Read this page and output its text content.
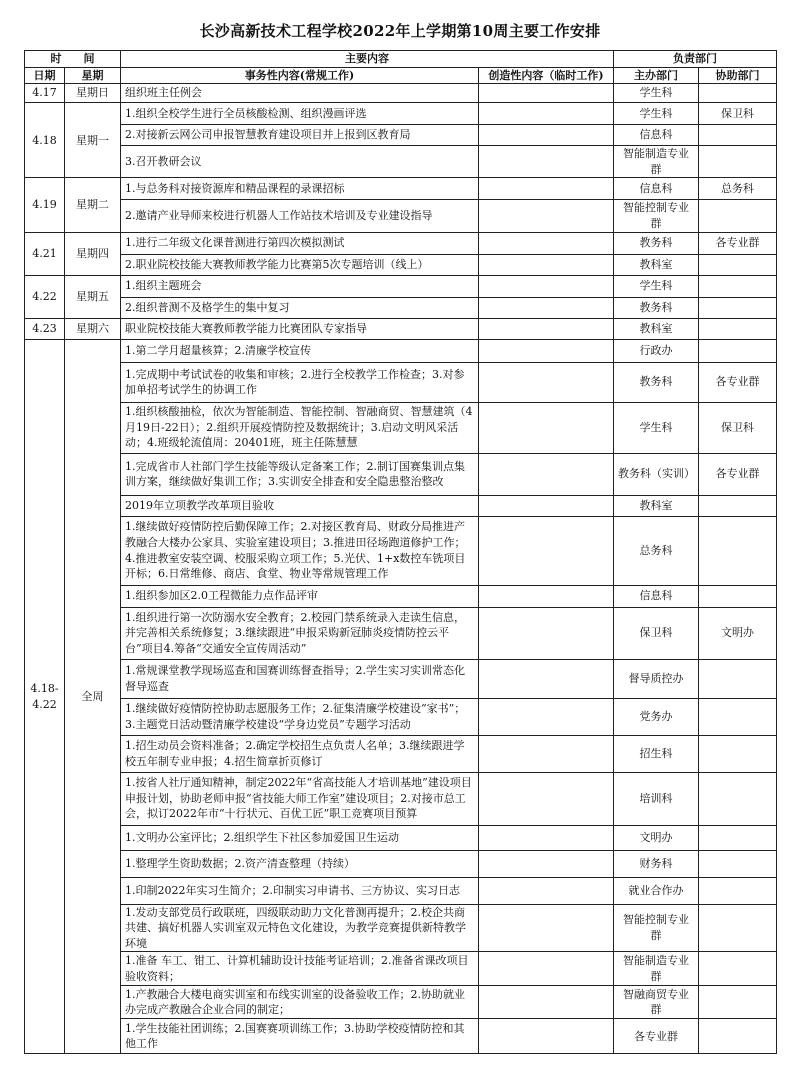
长沙高新技术工程学校2022年上学期第10周主要工作安排
时　　间		主要内容		负责部门	
日期	星期	事务性内容(常规工作)	创造性内容（临时工作)	主办部门	协助部门
4.17	星期日	组织班主任例会		学生科	
4.18	星期一	1.组织全校学生进行全员核酸检测、组织漫画评选		学生科	保卫科
		2.对接新云网公司申报智慧教育建设项目并上报到区教育局		信息科	
		3.召开教研会议		智能制造专业群	
4.19	星期二	1.与总务科对接资源库和精品课程的录课招标		信息科	总务科
		2.邀请产业导师来校进行机器人工作站技术培训及专业建设指导		智能控制专业群	
4.21	星期四	1.进行二年级文化课普测进行第四次模拟测试		教务科	各专业群
		2.职业院校技能大赛教师教学能力比赛第5次专题培训（线上）		教科室	
4.22	星期五	1.组织主题班会		学生科	
		2.组织普测不及格学生的集中复习		教务科	
4.23	星期六	职业院校技能大赛教师教学能力比赛团队专家指导		教科室	
4.18-4.22	全周	1.第二学月超量核算；2.清廉学校宣传		行政办	
		1.完成期中考试试卷的收集和审核；2.进行全校教学工作检查；3.对参加单招考试学生的协调工作		教务科	各专业群
		1.组织核酸抽检，依次为智能制造、智能控制、智融商贸、智慧建筑（4月19日-22日）；2.组织开展疫情防控及数据统计；3.启动文明风采活动；4.班级轮流值周：20401班，班主任陈慧慧		学生科	保卫科
		1.完成省市人社部门学生技能等级认定备案工作；2.制订国赛集训点集训方案，继续做好集训工作；3.实训安全排查和安全隐患整治整改		教务科（实训）	各专业群
		2019年立项教学改革项目验收		教科室	
		1.继续做好疫情防控后勤保障工作；2.对接区教育局、财政分局推进产教融合大楼办公家具、实验室建设项目；3.推进田径场跑道修护工作；4.推进教室安装空调、校服采购立项工作；5.光伏、1+x数控车铣项目开标；6.日常维修、商店、食堂、物业等常规管理工作		总务科	
		1.组织参加区2.0工程微能力点作品评审		信息科	
		1.组织进行第一次防溺水安全教育；2.校园门禁系统录入走读生信息，并完善相关系统修复；3.继续跟进“申报采购新冠肺炎疫情防控云平台”项目4.筹备“交通安全宣传周活动”		保卫科	文明办
		1.常规课堂教学现场巡查和国赛训练督查指导；2.学生实习实训常态化督导巡查		督导质控办	
		1.继续做好疫情防控协助志愿服务工作；2.征集清廉学校建设“家书”；3.主题党日活动暨清廉学校建设“学身边党员”专题学习活动		党务办	
		1.招生动员会资料准备；2.确定学校招生点负责人名单；3.继续跟进学校五年制专业申报；4.招生简章折页修订		招生科	
		1.按省人社厅通知精神，制定2022年“省高技能人才培训基地”建设项目申报计划，协助老师申报“省技能大师工作室”建设项目；2.对接市总工会，拟订2022年市“十行状元、百优工匠”职工竞赛项目预算		培训科	
		1.文明办公室评比；2.组织学生下社区参加爱国卫生运动		文明办	
		1.整理学生资助数据；2.资产清查整理（持续）		财务科	
		1.印制2022年实习生简介；2.印制实习申请书、三方协议、实习日志		就业合作办	
		1.发动支部党员行政联班，四级联动助力文化普测再提升；2.校企共商共建、搞好机器人实训室双元特色文化建设，为教学竞赛提供新特教学环境		智能控制专业群	
		1.准备 车工、钳工、计算机辅助设计技能考证培训；2.准备省课改项目验收资料；		智能制造专业群	
		1.产教融合大楼电商实训室和布线实训室的设备验收工作；2.协助就业办完成产教融合企业合同的制定；		智融商贸专业群	
		1.学生技能社团训练；2.国赛赛项训练工作；3.协助学校疫情防控和其他工作		各专业群	
